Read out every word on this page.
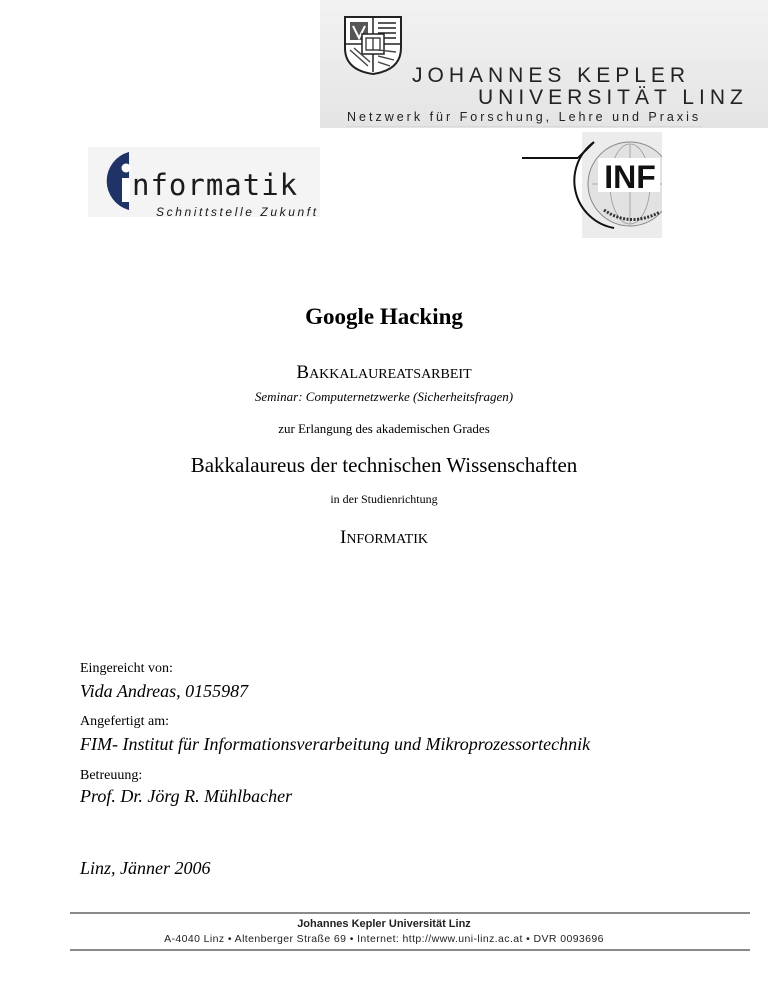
JOHANNES KEPLER
UNIVERSITÄT LINZ
Netzwerk für Forschung, Lehre und Praxis
nformatik
Schnittstelle Zukunft
INF
Google Hacking
BAKKALAUREATSARBEIT
Seminar: Computernetzwerke (Sicherheitsfragen)
zur Erlangung des akademischen Grades
Bakkalaureus der technischen Wissenschaften
in der Studienrichtung
INFORMATIK
Eingereicht von:
Vida Andreas, 0155987
Angefertigt am:
FIM- Institut für Informationsverarbeitung und Mikroprozessortechnik
Betreuung:
Prof. Dr. Jörg R. Mühlbacher
Linz, Jänner 2006
Johannes Kepler Universität Linz
A-4040 Linz • Altenberger Straße 69 • Internet: http://www.uni-linz.ac.at • DVR 0093696
